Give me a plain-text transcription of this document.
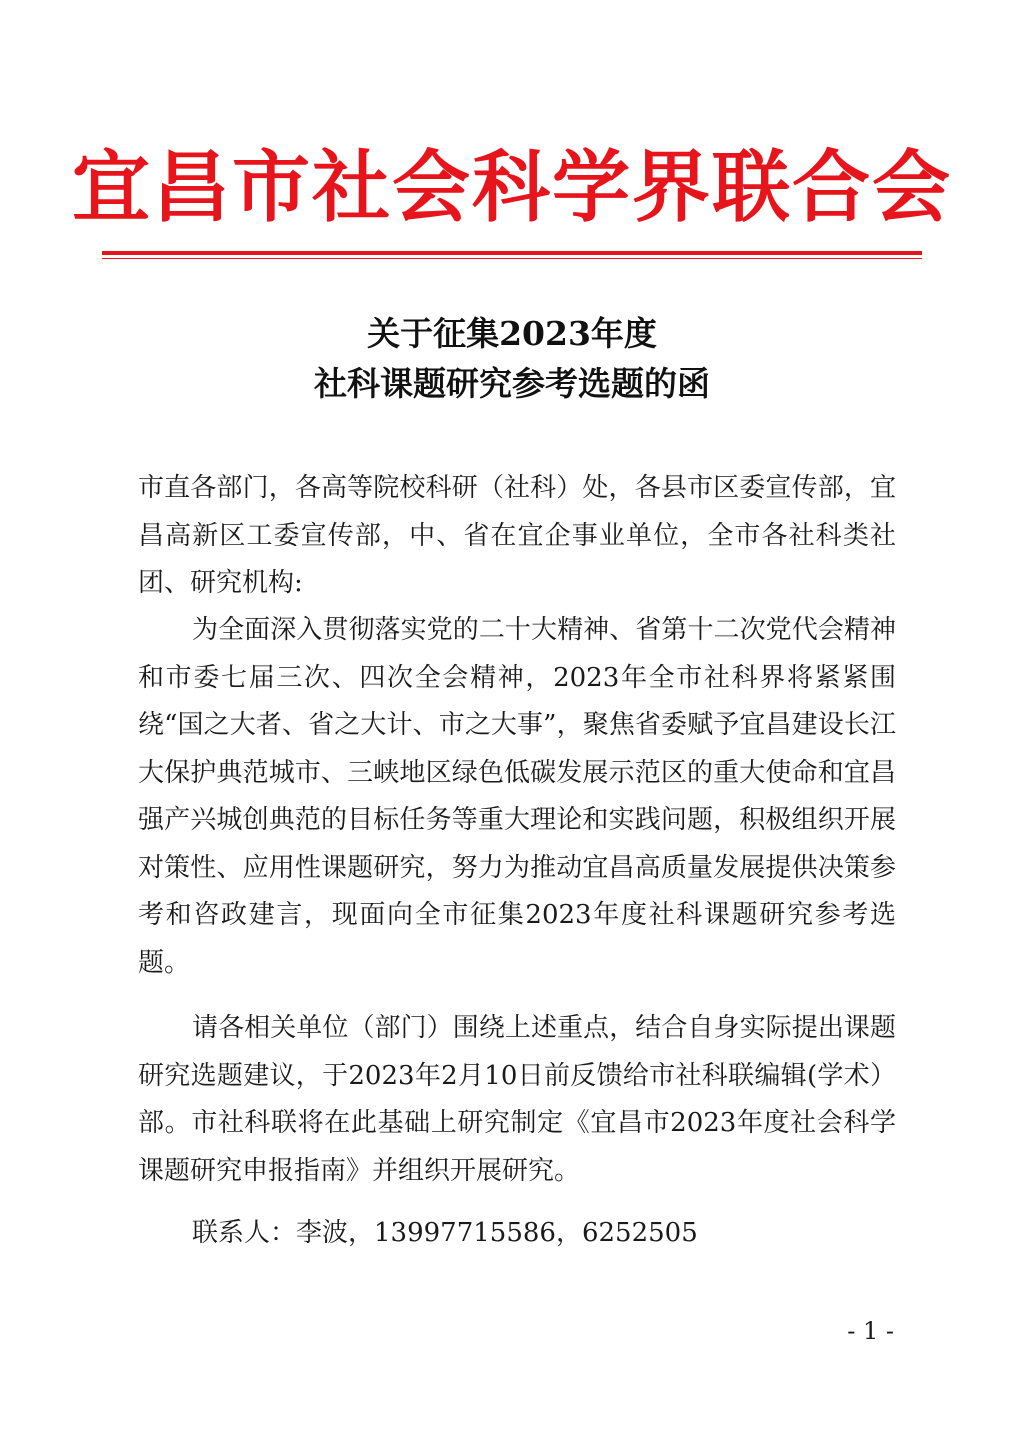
宜昌市社会科学界联合会
关于征集2023年度
社科课题研究参考选题的函
市直各部门，各高等院校科研（社科）处，各县市区委宣传部，宜昌高新区工委宣传部，中、省在宜企事业单位，全市各社科类社团、研究机构:
为全面深入贯彻落实党的二十大精神、省第十二次党代会精神和市委七届三次、四次全会精神，2023年全市社科界将紧紧围绕“国之大者、省之大计、市之大事”，聚焦省委赋予宜昌建设长江大保护典范城市、三峡地区绿色低碳发展示范区的重大使命和宜昌强产兴城创典范的目标任务等重大理论和实践问题，积极组织开展对策性、应用性课题研究，努力为推动宜昌高质量发展提供决策参考和咨政建言，现面向全市征集2023年度社科课题研究参考选题。
请各相关单位（部门）围绕上述重点，结合自身实际提出课题研究选题建议，于2023年2月10日前反馈给市社科联编辑(学术）部。市社科联将在此基础上研究制定《宜昌市2023年度社会科学课题研究申报指南》并组织开展研究。
联系人：李波，13997715586，6252505
- 1 -
